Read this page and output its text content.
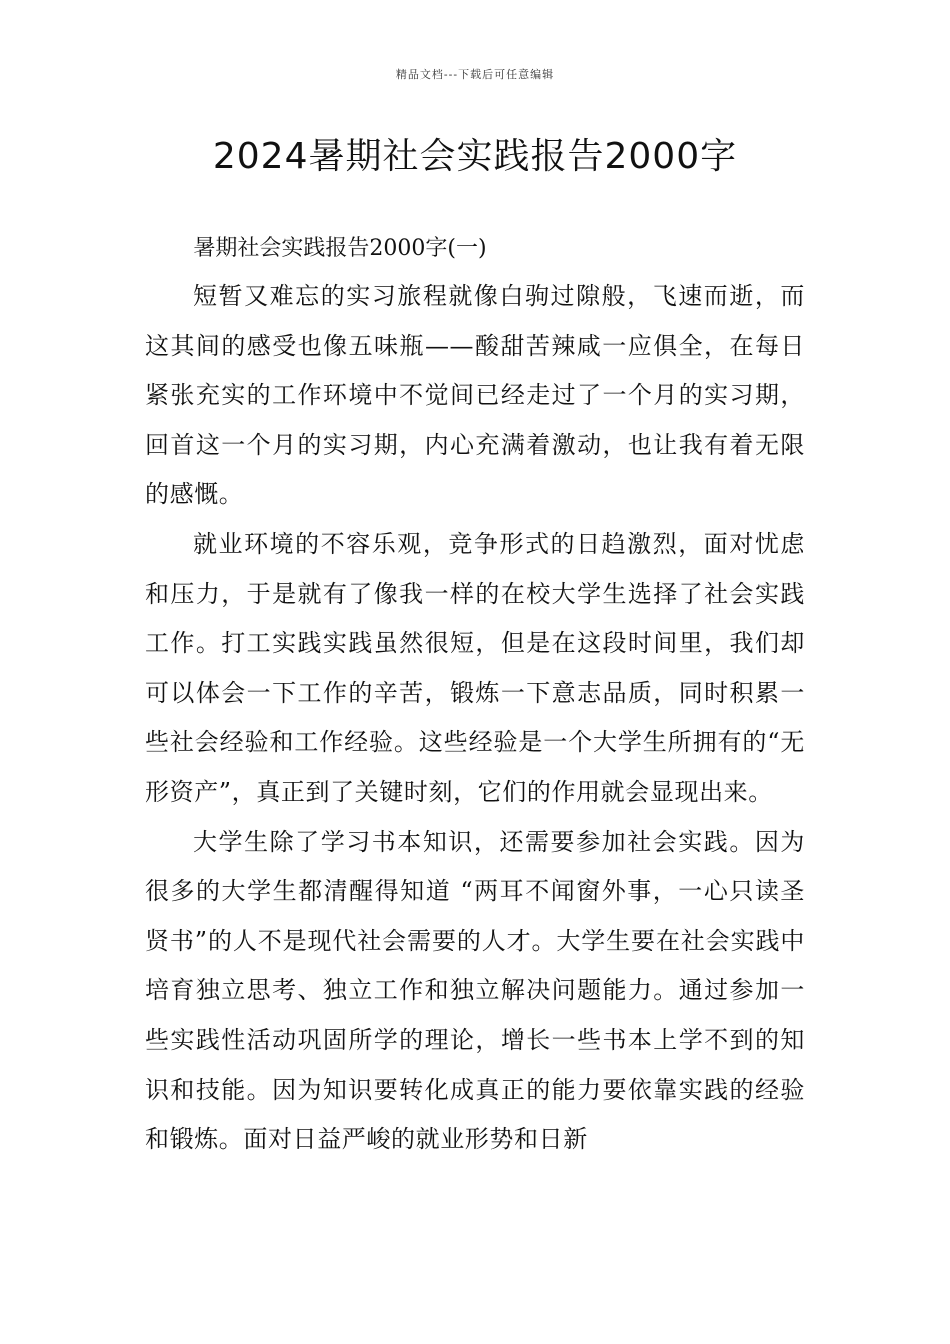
精品文档---下载后可任意编辑
2024暑期社会实践报告2000字

暑期社会实践报告2000字(一)

短暂又难忘的实习旅程就像白驹过隙般，飞速而逝，而这其间的感受也像五味瓶——酸甜苦辣咸一应俱全，在每日紧张充实的工作环境中不觉间已经走过了一个月的实习期，回首这一个月的实习期，内心充满着激动，也让我有着无限的感慨。

就业环境的不容乐观，竞争形式的日趋激烈，面对忧虑和压力，于是就有了像我一样的在校大学生选择了社会实践工作。打工实践实践虽然很短，但是在这段时间里，我们却可以体会一下工作的辛苦，锻炼一下意志品质，同时积累一些社会经验和工作经验。这些经验是一个大学生所拥有的“无形资产”，真正到了关键时刻，它们的作用就会显现出来。

大学生除了学习书本知识，还需要参加社会实践。因为很多的大学生都清醒得知道 “两耳不闻窗外事，一心只读圣贤书”的人不是现代社会需要的人才。大学生要在社会实践中培育独立思考、独立工作和独立解决问题能力。通过参加一些实践性活动巩固所学的理论，增长一些书本上学不到的知识和技能。因为知识要转化成真正的能力要依靠实践的经验和锻炼。面对日益严峻的就业形势和日新
